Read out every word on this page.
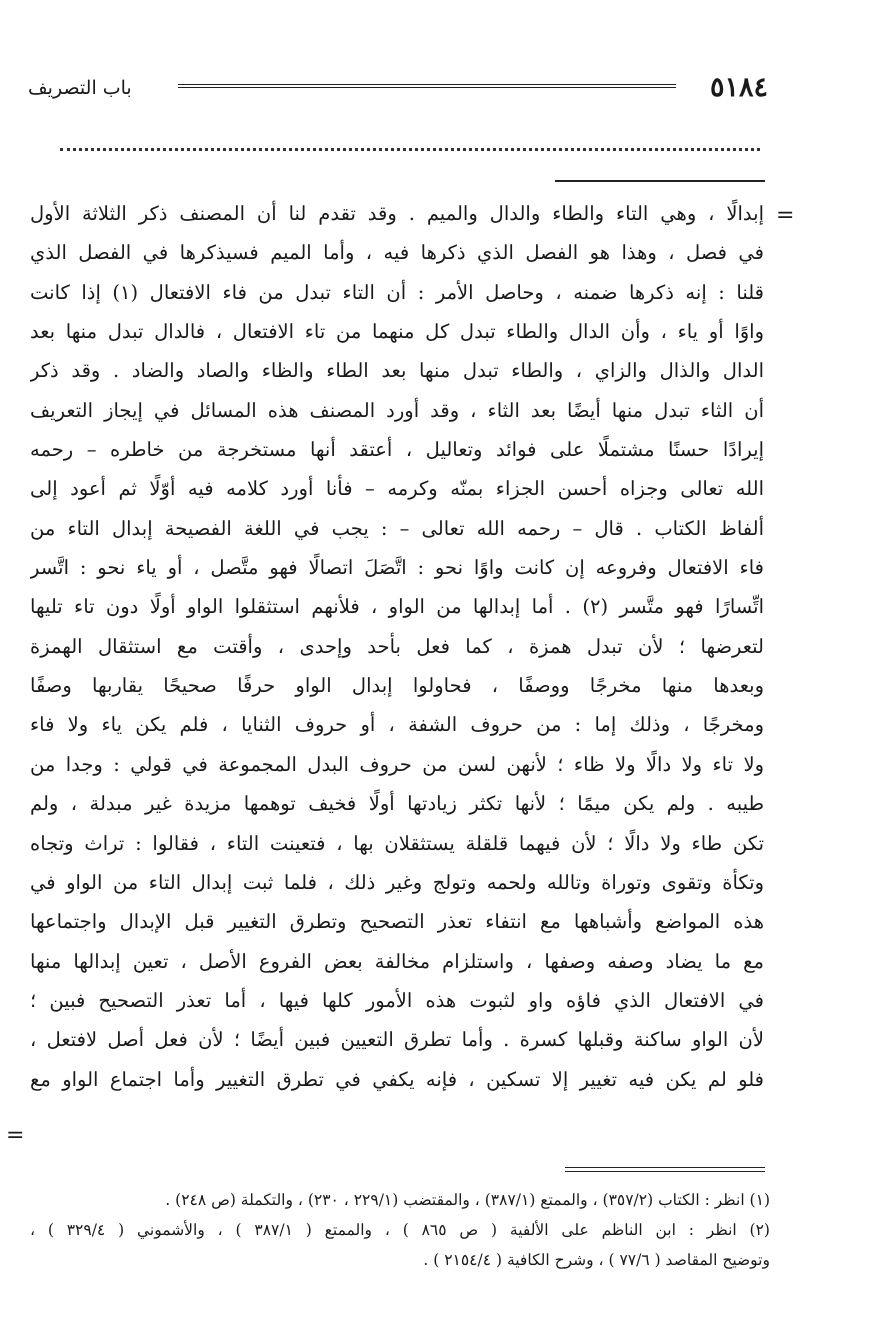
٥١٨٤
باب التصريف
=
إبدالًا ، وهي التاء والطاء والدال والميم . وقد تقدم لنا أن المصنف ذكر الثلاثة الأول
في فصل ، وهذا هو الفصل الذي ذكرها فيه ، وأما الميم فسيذكرها في الفصل الذي
قلنا : إنه ذكرها ضمنه ، وحاصل الأمر : أن التاء تبدل من فاء الافتعال (١) إذا كانت
واوًا أو ياء ، وأن الدال والطاء تبدل كل منهما من تاء الافتعال ، فالدال تبدل منها بعد
الدال والذال والزاي ، والطاء تبدل منها بعد الطاء والظاء والصاد والضاد . وقد ذكر
أن الثاء تبدل منها أيضًا بعد الثاء ، وقد أورد المصنف هذه المسائل في إيجاز التعريف
إيرادًا حسنًا مشتملًا على فوائد وتعاليل ، أعتقد أنها مستخرجة من خاطره – رحمه
الله تعالى وجزاه أحسن الجزاء بمنّه وكرمه – فأنا أورد كلامه فيه أوّلًا ثم أعود إلى
ألفاظ الكتاب . قال – رحمه الله تعالى – : يجب في اللغة الفصيحة إبدال التاء من
فاء الافتعال وفروعه إن كانت واوًا نحو : اتَّصَلَ اتصالًا فهو متَّصل ، أو ياء نحو : اتَّسر
اتِّسارًا فهو متَّسر (٢) . أما إبدالها من الواو ، فلأنهم استثقلوا الواو أولًا دون تاء تليها
لتعرضها ؛ لأن تبدل همزة ، كما فعل بأحد وإحدى ، وأقتت مع استثقال الهمزة
وبعدها منها مخرجًا ووصفًا ، فحاولوا إبدال الواو حرفًا صحيحًا يقاربها وصفًا
ومخرجًا ، وذلك إما : من حروف الشفة ، أو حروف الثنايا ، فلم يكن ياء ولا فاء
ولا تاء ولا دالًا ولا ظاء ؛ لأنهن لسن من حروف البدل المجموعة في قولي : وجدا من
طيبه . ولم يكن ميمًا ؛ لأنها تكثر زيادتها أولًا فخيف توهمها مزيدة غير مبدلة ، ولم
تكن طاء ولا دالًا ؛ لأن فيهما قلقلة يستثقلان بها ، فتعينت التاء ، فقالوا : تراث وتجاه
وتكأة وتقوى وتوراة وتالله ولحمه وتولج وغير ذلك ، فلما ثبت إبدال التاء من الواو في
هذه المواضع وأشباهها مع انتفاء تعذر التصحيح وتطرق التغيير قبل الإبدال واجتماعها
مع ما يضاد وصفه وصفها ، واستلزام مخالفة بعض الفروع الأصل ، تعين إبدالها منها
في الافتعال الذي فاؤه واو لثبوت هذه الأمور كلها فيها ، أما تعذر التصحيح فبين ؛
لأن الواو ساكنة وقبلها كسرة . وأما تطرق التعيين فبين أيضًا ؛ لأن فعل أصل لافتعل ،
فلو لم يكن فيه تغيير إلا تسكين ، فإنه يكفي في تطرق التغيير وأما اجتماع الواو مع
=
(١) انظر : الكتاب (٣٥٧/٢) ، والممتع (٣٨٧/١) ، والمقتضب (٢٢٩/١ ، ٢٣٠) ، والتكملة (ص ٢٤٨) .
(٢) انظر : ابن الناظم على الألفية ( ص ٨٦٥ ) ، والممتع ( ٣٨٧/١ ) ، والأشموني ( ٣٢٩/٤ ) ،
وتوضيح المقاصد ( ٧٧/٦ ) ، وشرح الكافية ( ٢١٥٤/٤ ) .
